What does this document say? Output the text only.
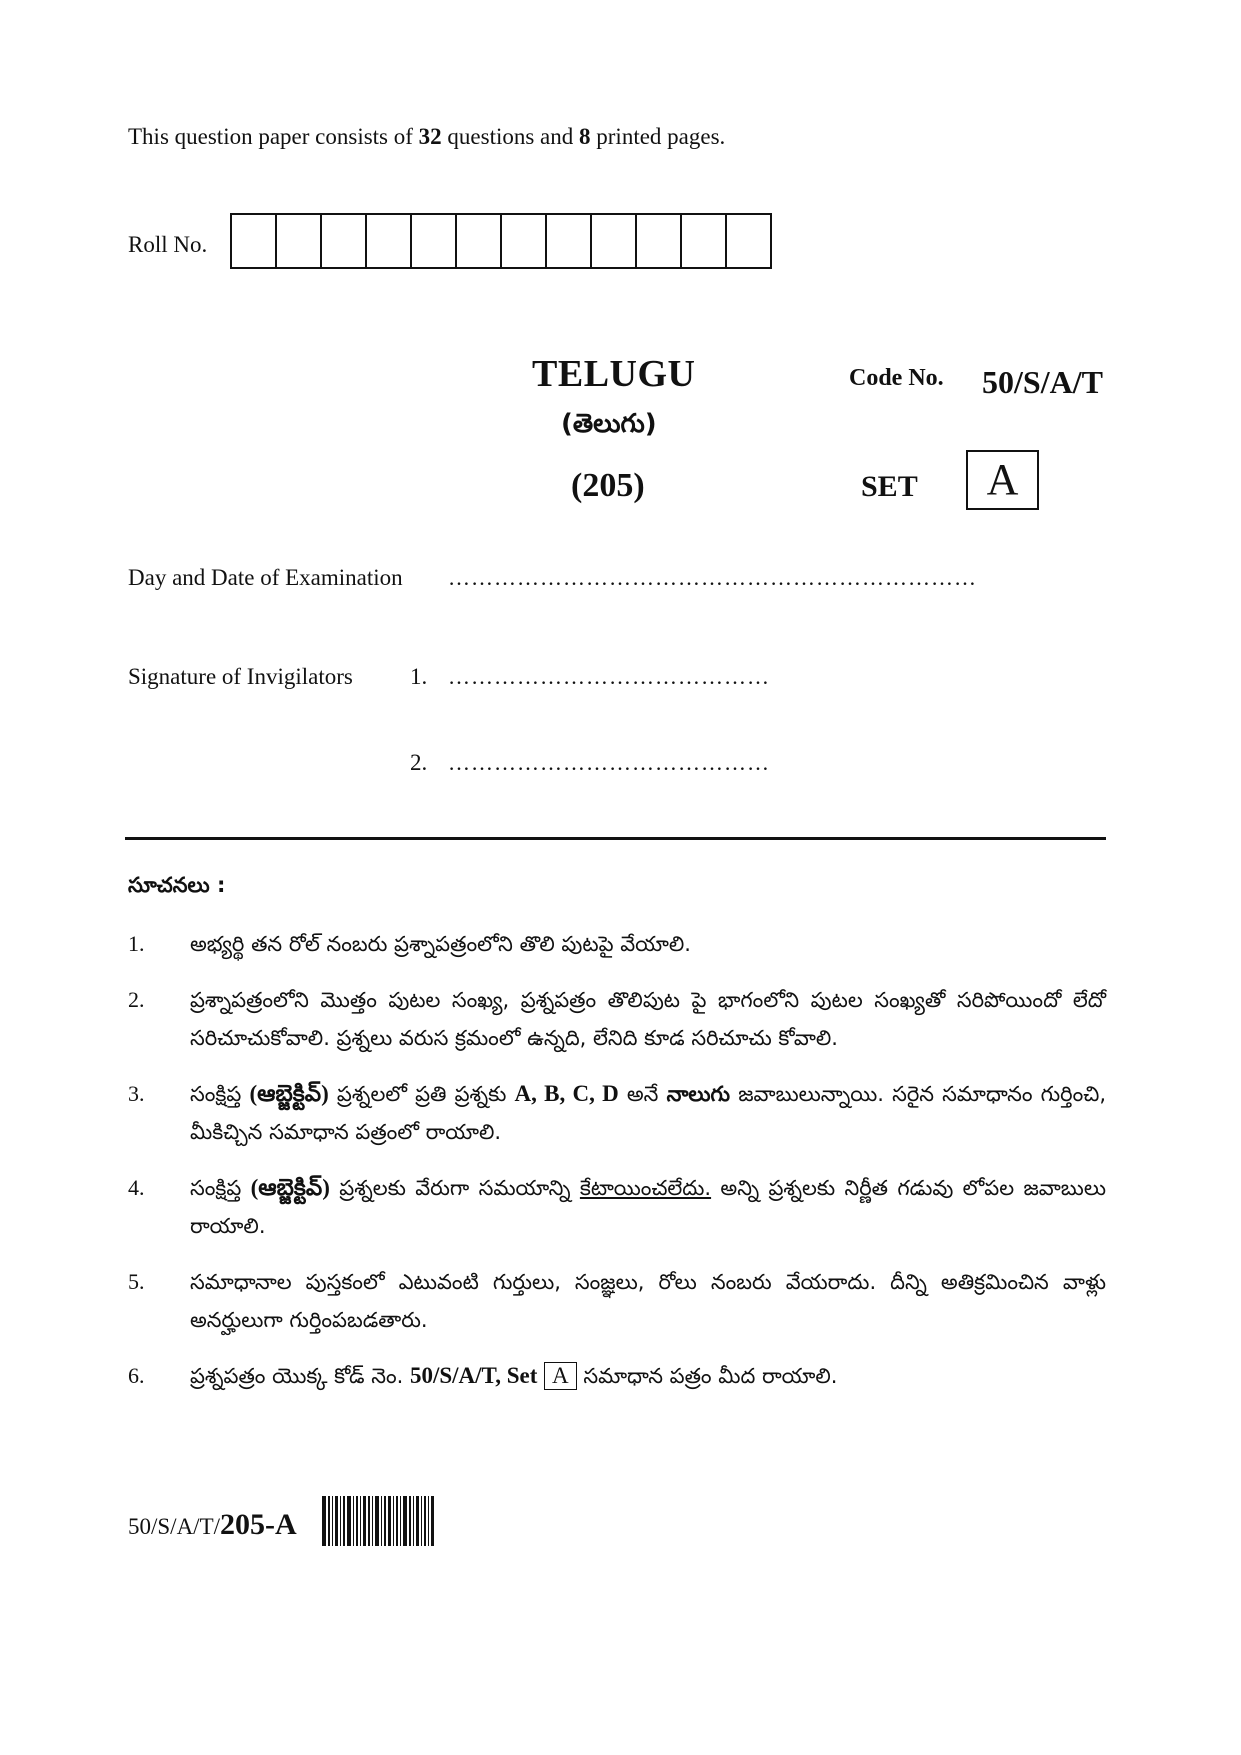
This question paper consists of 32 questions and 8 printed pages.
Roll No.
TELUGU
(తెలుగు)
(205)
Code No. 50/S/A/T
SET	A
Day and Date of Examination ……………………………………………………………
Signature of Invigilators 1. ……………………………………
2. ……………………………………
సూచనలు :
1.	అభ్యర్థి తన రోల్ నంబరు ప్రశ్నాపత్రంలోని తొలి పుటపై వేయాలి.
2.	ప్రశ్నాపత్రంలోని మొత్తం పుటల సంఖ్య, ప్రశ్నపత్రం తొలిపుట పై భాగంలోని పుటల సంఖ్యతో సరిపోయిందో లేదో సరిచూచుకోవాలి. ప్రశ్నలు వరుస క్రమంలో ఉన్నది, లేనిది కూడ సరిచూచు కోవాలి.
3.	సంక్షిప్త (ఆబ్జెక్టివ్) ప్రశ్నలలో ప్రతి ప్రశ్నకు A, B, C, D అనే నాలుగు జవాబులున్నాయి. సరైన సమాధానం గుర్తించి, మీకిచ్చిన సమాధాన పత్రంలో రాయాలి.
4.	సంక్షిప్త (ఆబ్జెక్టివ్) ప్రశ్నలకు వేరుగా సమయాన్ని కేటాయించలేదు. అన్ని ప్రశ్నలకు నిర్ణీత గడువు లోపల జవాబులు రాయాలి.
5.	సమాధానాల పుస్తకంలో ఎటువంటి గుర్తులు, సంజ్ఞలు, రోలు నంబరు వేయరాదు. దీన్ని అతిక్రమించిన వాళ్లు అనర్హులుగా గుర్తింపబడతారు.
6.	ప్రశ్నపత్రం యొక్క కోడ్ నెం. 50/S/A/T, Set A సమాధాన పత్రం మీద రాయాలి.
50/S/A/T/205-A
